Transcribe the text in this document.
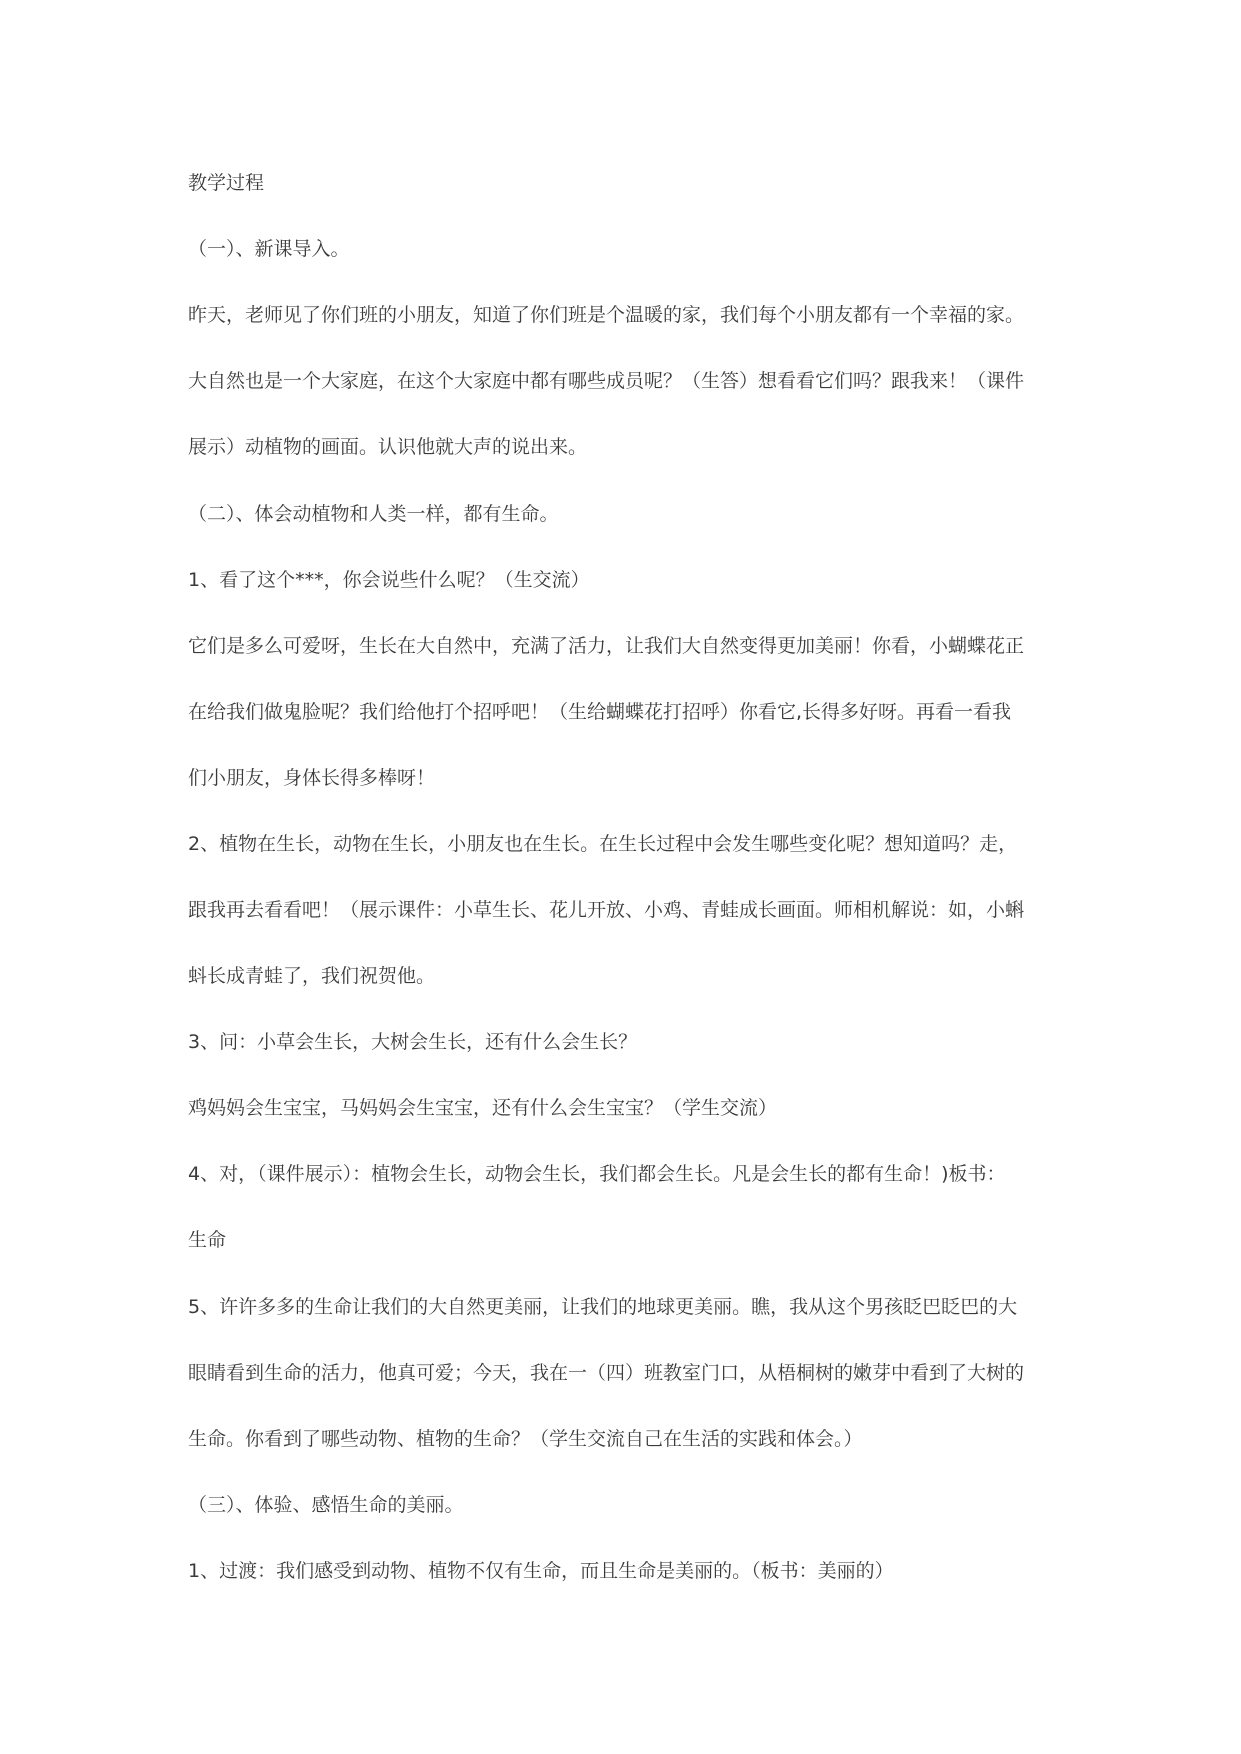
教学过程
（一）、新课导入。
昨天，老师见了你们班的小朋友，知道了你们班是个温暖的家，我们每个小朋友都有一个幸福的家。
大自然也是一个大家庭，在这个大家庭中都有哪些成员呢？（生答）想看看它们吗？跟我来！（课件
展示）动植物的画面。认识他就大声的说出来。
（二）、体会动植物和人类一样，都有生命。
1、看了这个***，你会说些什么呢？（生交流）
它们是多么可爱呀，生长在大自然中，充满了活力，让我们大自然变得更加美丽！你看，小蝴蝶花正
在给我们做鬼脸呢？我们给他打个招呼吧！（生给蝴蝶花打招呼）你看它,长得多好呀。再看一看我
们小朋友，身体长得多棒呀！
2、植物在生长，动物在生长，小朋友也在生长。在生长过程中会发生哪些变化呢？想知道吗？走，
跟我再去看看吧！（展示课件：小草生长、花儿开放、小鸡、青蛙成长画面。师相机解说：如，小蝌
蚪长成青蛙了，我们祝贺他。
3、问：小草会生长，大树会生长，还有什么会生长？
鸡妈妈会生宝宝，马妈妈会生宝宝，还有什么会生宝宝？（学生交流）
4、对，（课件展示）：植物会生长，动物会生长，我们都会生长。凡是会生长的都有生命！)板书：
生命
5、许许多多的生命让我们的大自然更美丽，让我们的地球更美丽。瞧，我从这个男孩眨巴眨巴的大
眼睛看到生命的活力，他真可爱；今天，我在一（四）班教室门口，从梧桐树的嫩芽中看到了大树的
生命。你看到了哪些动物、植物的生命？（学生交流自己在生活的实践和体会。）
（三）、体验、感悟生命的美丽。
1、过渡：我们感受到动物、植物不仅有生命，而且生命是美丽的。（板书：美丽的）
